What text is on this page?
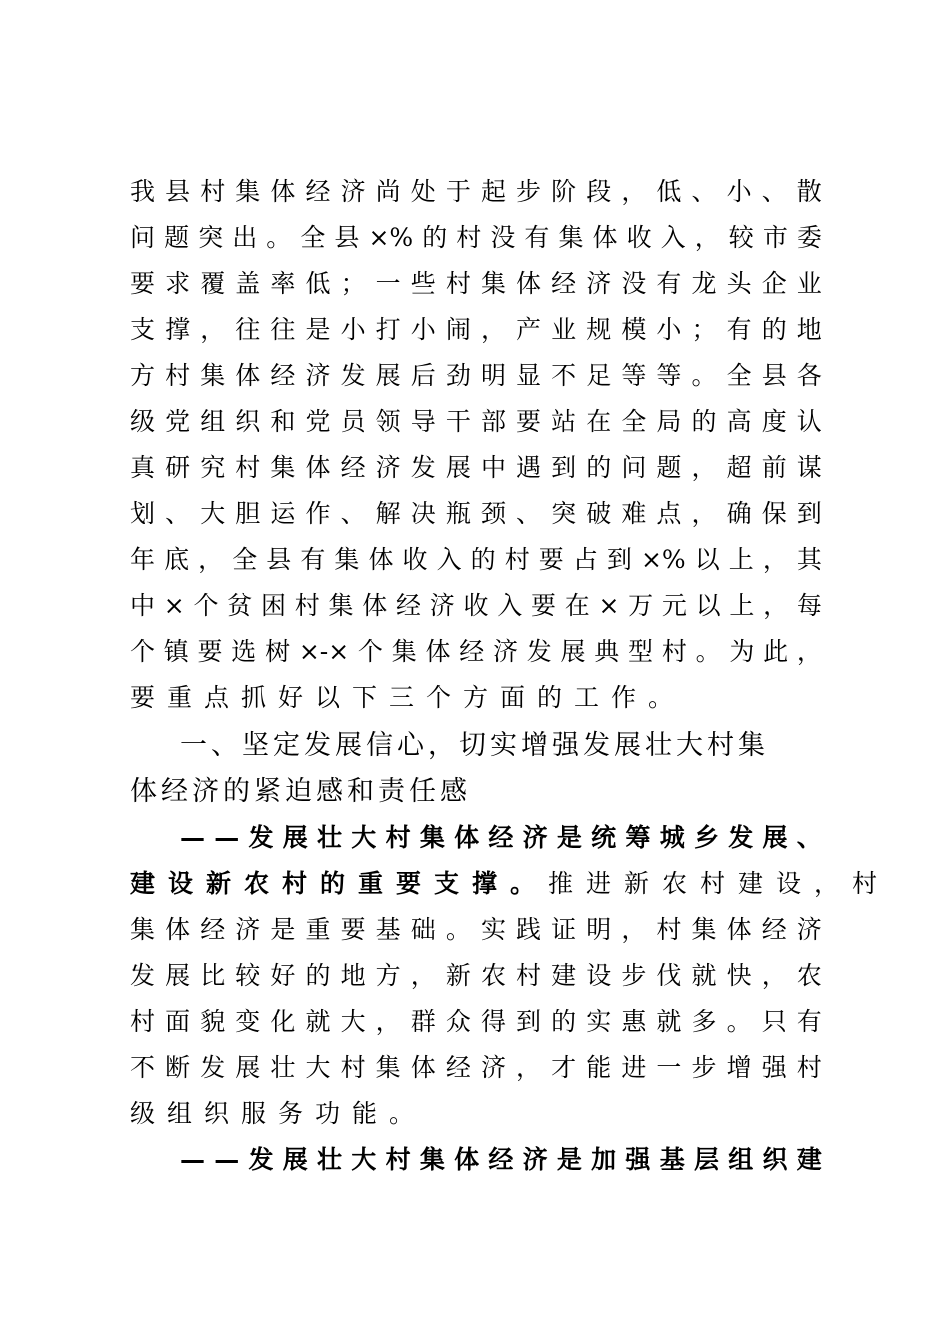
我 县 村 集 体 经 济 尚 处 于 起 步 阶 段 ， 低 、 小 、 散
问 题 突 出 。 全 县 ×% 的 村 没 有 集 体 收 入 ， 较 市 委
要 求 覆 盖 率 低 ； 一 些 村 集 体 经 济 没 有 龙 头 企 业
支 撑 ， 往 往 是 小 打 小 闹 ， 产 业 规 模 小 ； 有 的 地
方 村 集 体 经 济 发 展 后 劲 明 显 不 足 等 等 。 全 县 各
级 党 组 织 和 党 员 领 导 干 部 要 站 在 全 局 的 高 度 认
真 研 究 村 集 体 经 济 发 展 中 遇 到 的 问 题 ， 超 前 谋
划 、 大 胆 运 作 、 解 决 瓶 颈 、 突 破 难 点 ， 确 保 到
年 底 ， 全 县 有 集 体 收 入 的 村 要 占 到 ×% 以 上 ， 其
中 × 个 贫 困 村 集 体 经 济 收 入 要 在 × 万 元 以 上 ， 每
个 镇 要 选 树 ×-× 个 集 体 经 济 发 展 典 型 村 。 为 此 ，
要重点抓好以下三个方面的工作。
一、坚定发展信心，切实增强发展壮大村集
体经济的紧迫感和责任感
— — 发 展 壮 大 村 集 体 经 济 是 统 筹 城 乡 发 展 、
建设新农村的重要支撑。 推进新农村建设，村
集 体 经 济 是 重 要 基 础 。 实 践 证 明 ， 村 集 体 经 济
发 展 比 较 好 的 地 方 ， 新 农 村 建 设 步 伐 就 快 ， 农
村 面 貌 变 化 就 大 ， 群 众 得 到 的 实 惠 就 多 。 只 有
不 断 发 展 壮 大 村 集 体 经 济 ， 才 能 进 一 步 增 强 村
级组织服务功能。
— — 发 展 壮 大 村 集 体 经 济 是 加 强 基 层 组 织 建
